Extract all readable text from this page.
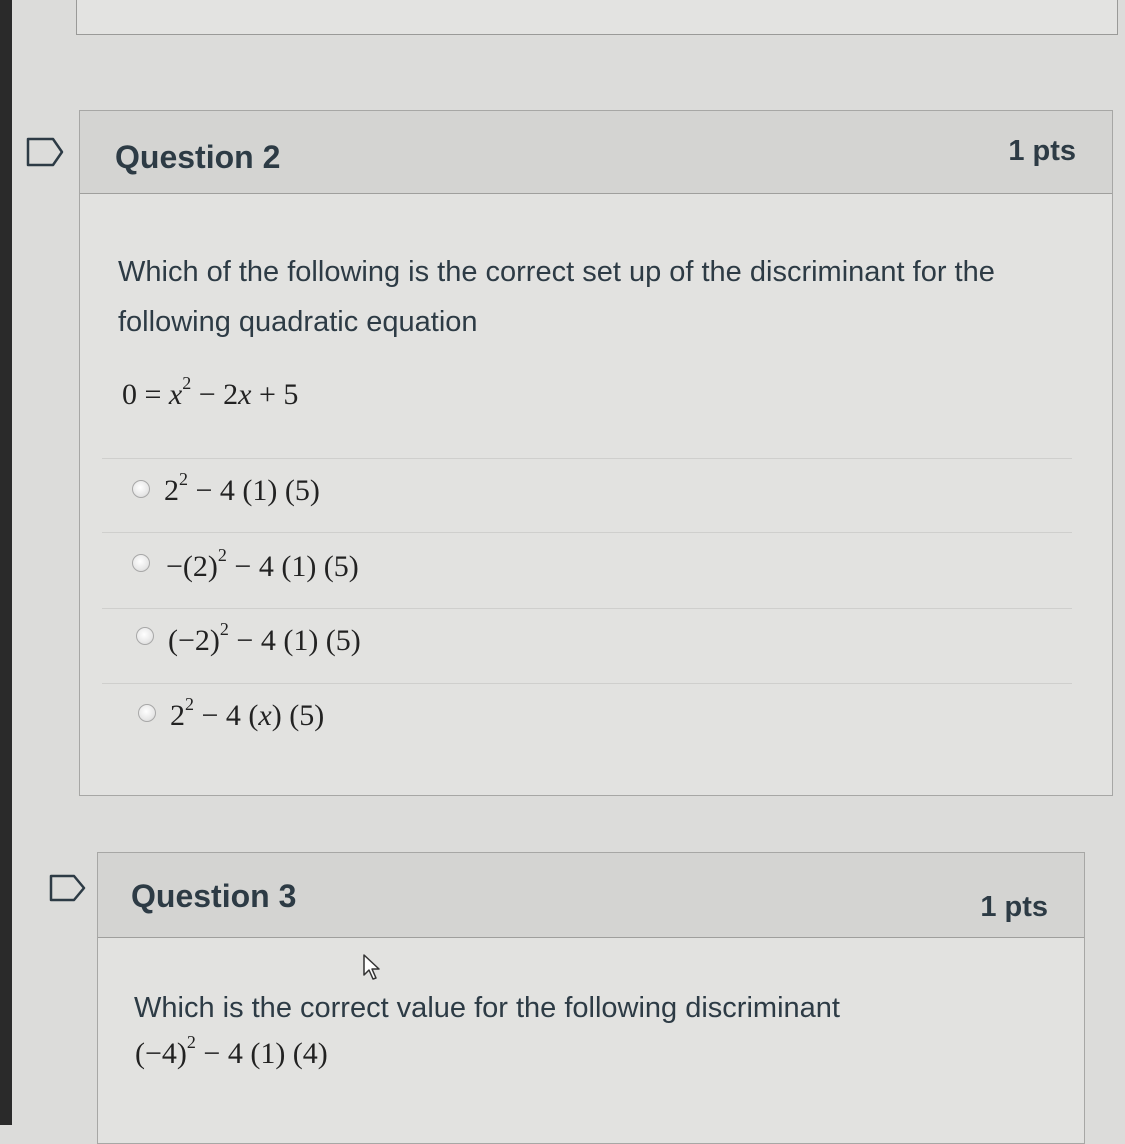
Question 2	1 pts
Which of the following is the correct set up of the discriminant for the following quadratic equation
$0 = x^2 - 2x + 5$
$2^2 - 4$ (1) (5)
$-(2)^2 - 4$ (1) (5)
$(-2)^2 - 4$ (1) (5)
$2^2 - 4$ (x) (5)
Question 3	1 pts
Which is the correct value for the following discriminant
$(-4)^2 - 4$ (1) (4)
